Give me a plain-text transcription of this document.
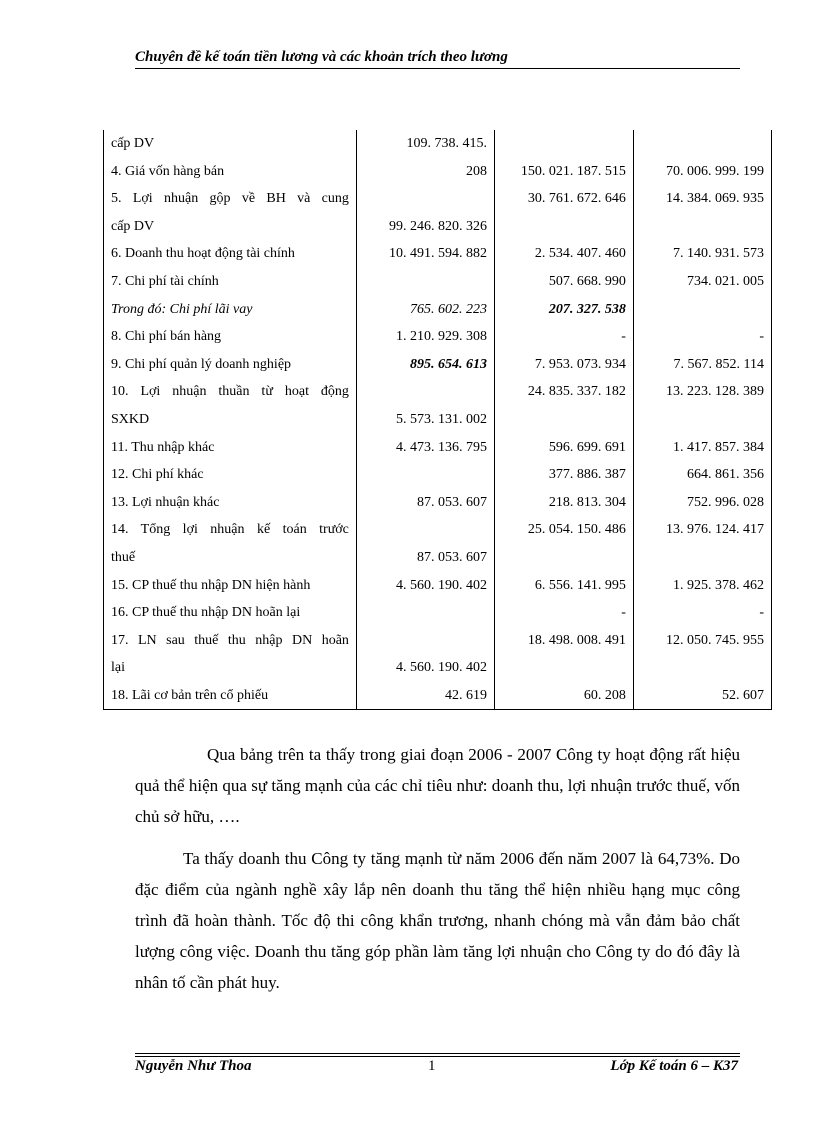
Chuyên đề kế toán tiền lương và các khoản trích theo lương
cấp DV	109. 738. 415.		
4. Giá vốn hàng bán	208	150. 021. 187. 515	70. 006. 999. 199
5. Lợi nhuận gộp về BH và cung		30. 761. 672. 646	14. 384. 069. 935
cấp DV	99. 246. 820. 326		
6. Doanh thu hoạt động tài chính	10. 491. 594. 882	2. 534. 407. 460	7. 140. 931. 573
7. Chi phí tài chính		507. 668. 990	734. 021. 005
Trong đó: Chi phí lãi vay	765. 602. 223	207. 327. 538	
8. Chi phí bán hàng	1. 210. 929. 308	-	-
9. Chi phí quản lý doanh nghiệp	895. 654. 613	7. 953. 073. 934	7. 567. 852. 114
10. Lợi nhuận thuần từ hoạt động		24. 835. 337. 182	13. 223. 128. 389
SXKD	5. 573. 131. 002		
11. Thu nhập khác	4. 473. 136. 795	596. 699. 691	1. 417. 857. 384
12. Chi phí khác		377. 886. 387	664. 861. 356
13. Lợi nhuận khác	87. 053. 607	218. 813. 304	752. 996. 028
14. Tổng lợi nhuận kế toán trước		25. 054. 150. 486	13. 976. 124. 417
thuế	87. 053. 607		
15. CP thuế thu nhập DN hiện hành	4. 560. 190. 402	6. 556. 141. 995	1. 925. 378. 462
16. CP thuế thu nhập DN hoãn lại		-	-
17. LN sau thuế thu nhập DN hoãn		18. 498. 008. 491	12. 050. 745. 955
lại	4. 560. 190. 402		
18. Lãi cơ bản trên cổ phiếu	42. 619	60. 208	52. 607

Qua bảng trên ta thấy trong giai đoạn 2006 - 2007 Công ty hoạt động rất hiệu quả thể hiện qua sự tăng mạnh của các chỉ tiêu như: doanh thu, lợi nhuận trước thuế, vốn chủ sở hữu, ….

Ta thấy doanh thu Công ty tăng mạnh từ năm 2006 đến năm 2007 là 64,73%. Do đặc điểm của ngành nghề xây lắp nên doanh thu tăng thể hiện nhiều hạng mục công trình đã hoàn thành. Tốc độ thi công khẩn trương, nhanh chóng mà vẫn đảm bảo chất lượng công việc. Doanh thu tăng góp phần làm tăng lợi nhuận cho Công ty do đó đây là nhân tố cần phát huy.

Nguyễn Như Thoa	1	Lớp Kế toán 6 – K37
